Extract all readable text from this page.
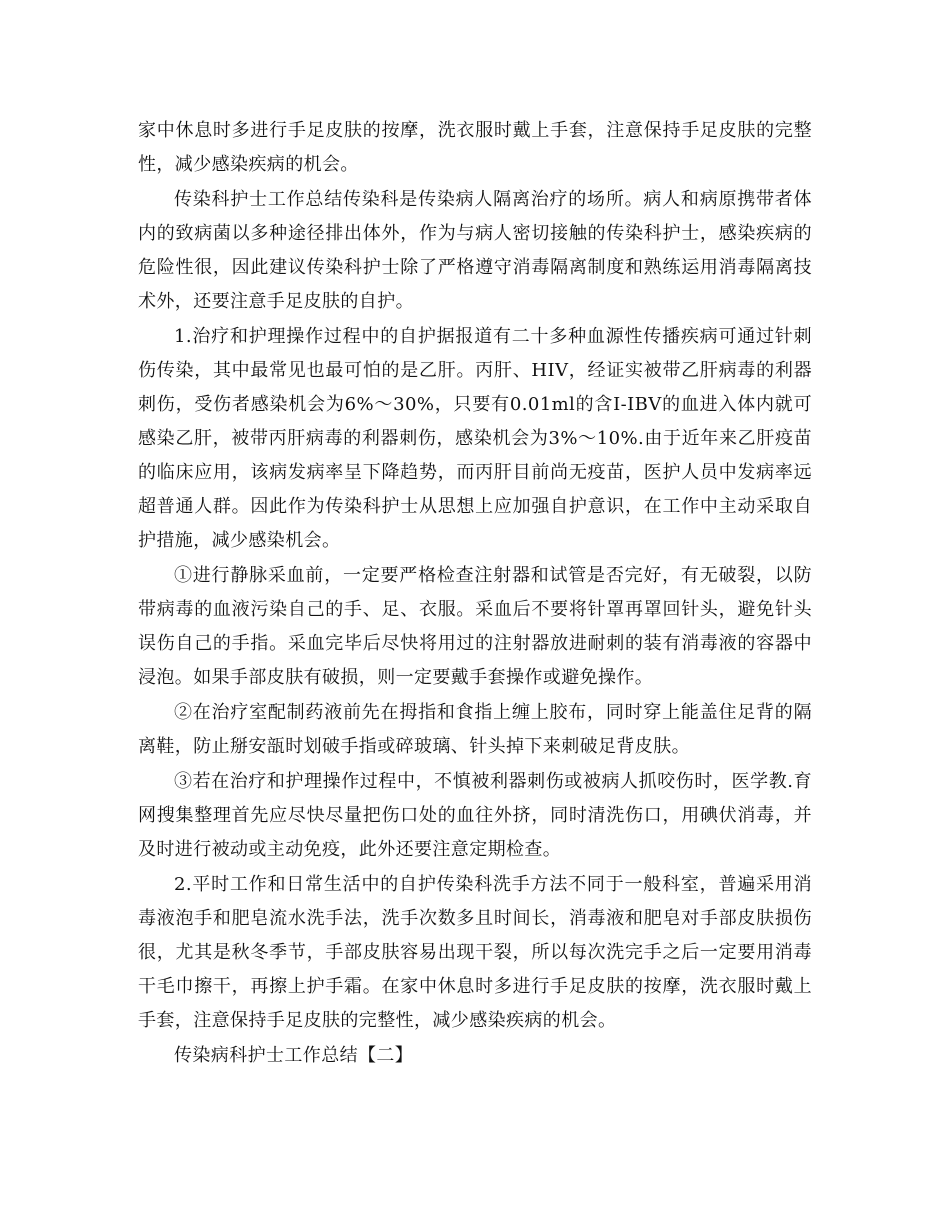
家中休息时多进行手足皮肤的按摩，洗衣服时戴上手套，注意保持手足皮肤的完整性，减少感染疾病的机会。

传染科护士工作总结传染科是传染病人隔离治疗的场所。病人和病原携带者体内的致病菌以多种途径排出体外，作为与病人密切接触的传染科护士，感染疾病的危险性很，因此建议传染科护士除了严格遵守消毒隔离制度和熟练运用消毒隔离技术外，还要注意手足皮肤的自护。

1.治疗和护理操作过程中的自护据报道有二十多种血源性传播疾病可通过针刺伤传染，其中最常见也最可怕的是乙肝。丙肝、HIV，经证实被带乙肝病毒的利器刺伤，受伤者感染机会为6%～30%，只要有0.01ml的含I-IBV的血进入体内就可感染乙肝，被带丙肝病毒的利器刺伤，感染机会为3%～10%.由于近年来乙肝疫苗的临床应用，该病发病率呈下降趋势，而丙肝目前尚无疫苗，医护人员中发病率远超普通人群。因此作为传染科护士从思想上应加强自护意识，在工作中主动采取自护措施，减少感染机会。

①进行静脉采血前，一定要严格检查注射器和试管是否完好，有无破裂，以防带病毒的血液污染自己的手、足、衣服。采血后不要将针罩再罩回针头，避免针头误伤自己的手指。采血完毕后尽快将用过的注射器放进耐刺的装有消毒液的容器中浸泡。如果手部皮肤有破损，则一定要戴手套操作或避免操作。

②在治疗室配制药液前先在拇指和食指上缠上胶布，同时穿上能盖住足背的隔离鞋，防止掰安瓿时划破手指或碎玻璃、针头掉下来刺破足背皮肤。

③若在治疗和护理操作过程中，不慎被利器刺伤或被病人抓咬伤时，医学教.育网搜集整理首先应尽快尽量把伤口处的血往外挤，同时清洗伤口，用碘伏消毒，并及时进行被动或主动免疫，此外还要注意定期检查。

2.平时工作和日常生活中的自护传染科洗手方法不同于一般科室，普遍采用消毒液泡手和肥皂流水洗手法，洗手次数多且时间长，消毒液和肥皂对手部皮肤损伤很，尤其是秋冬季节，手部皮肤容易出现干裂，所以每次洗完手之后一定要用消毒干毛巾擦干，再擦上护手霜。在家中休息时多进行手足皮肤的按摩，洗衣服时戴上手套，注意保持手足皮肤的完整性，减少感染疾病的机会。

传染病科护士工作总结【二】
